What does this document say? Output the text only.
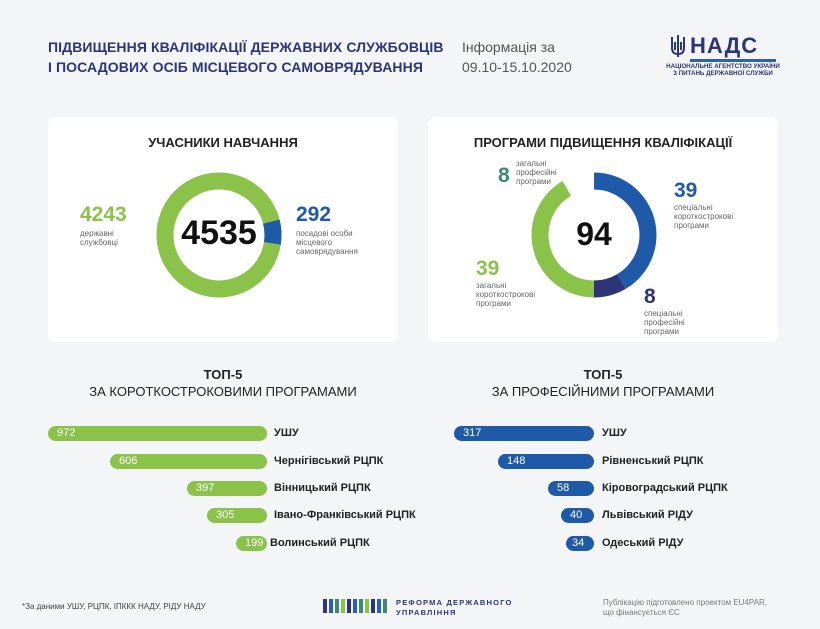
ПІДВИЩЕННЯ КВАЛІФІКАЦІЇ ДЕРЖАВНИХ СЛУЖБОВЦІВ
І ПОСАДОВИХ ОСІБ МІСЦЕВОГО САМОВРЯДУВАННЯ
Інформація за
09.10-15.10.2020
НАДС
НАЦІОНАЛЬНЕ АГЕНТСТВО УКРАЇНИ
З ПИТАНЬ ДЕРЖАВНОЇ СЛУЖБИ
УЧАСНИКИ НАВЧАННЯ
4243
державні
службовці	4535	292
посадові особи
місцевого
самоврядування
ПРОГРАМИ ПІДВИЩЕННЯ КВАЛІФІКАЦІЇ
94
8
загальні
професійні
програми	39
спеціальні
короткострокові
програми
39
загальні
короткострокові
програми	8
спеціальні
професійні
програми
ТОП-5
ЗА КОРОТКОСТРОКОВИМИ ПРОГРАМАМИ
ТОП-5
ЗА ПРОФЕСІЙНИМИ ПРОГРАМАМИ
972	УШУ
606	Чернігівський РЦПК
397	Вінницький РЦПК
305	Івано-Франківський РЦПК
199 Волинський РЦПК
317	УШУ
148	Рівненський РЦПК
58	Кіровоградський РЦПК
40	Львівський РІДУ
34	Одеський РІДУ
*За даними УШУ, РЦПК, ІПККК НАДУ, РІДУ НАДУ	РЕФОРМА ДЕРЖАВНОГО
УПРАВЛІННЯ
Публікацію підготовлено проектом EU4PAR,
що фінансується ЄС
